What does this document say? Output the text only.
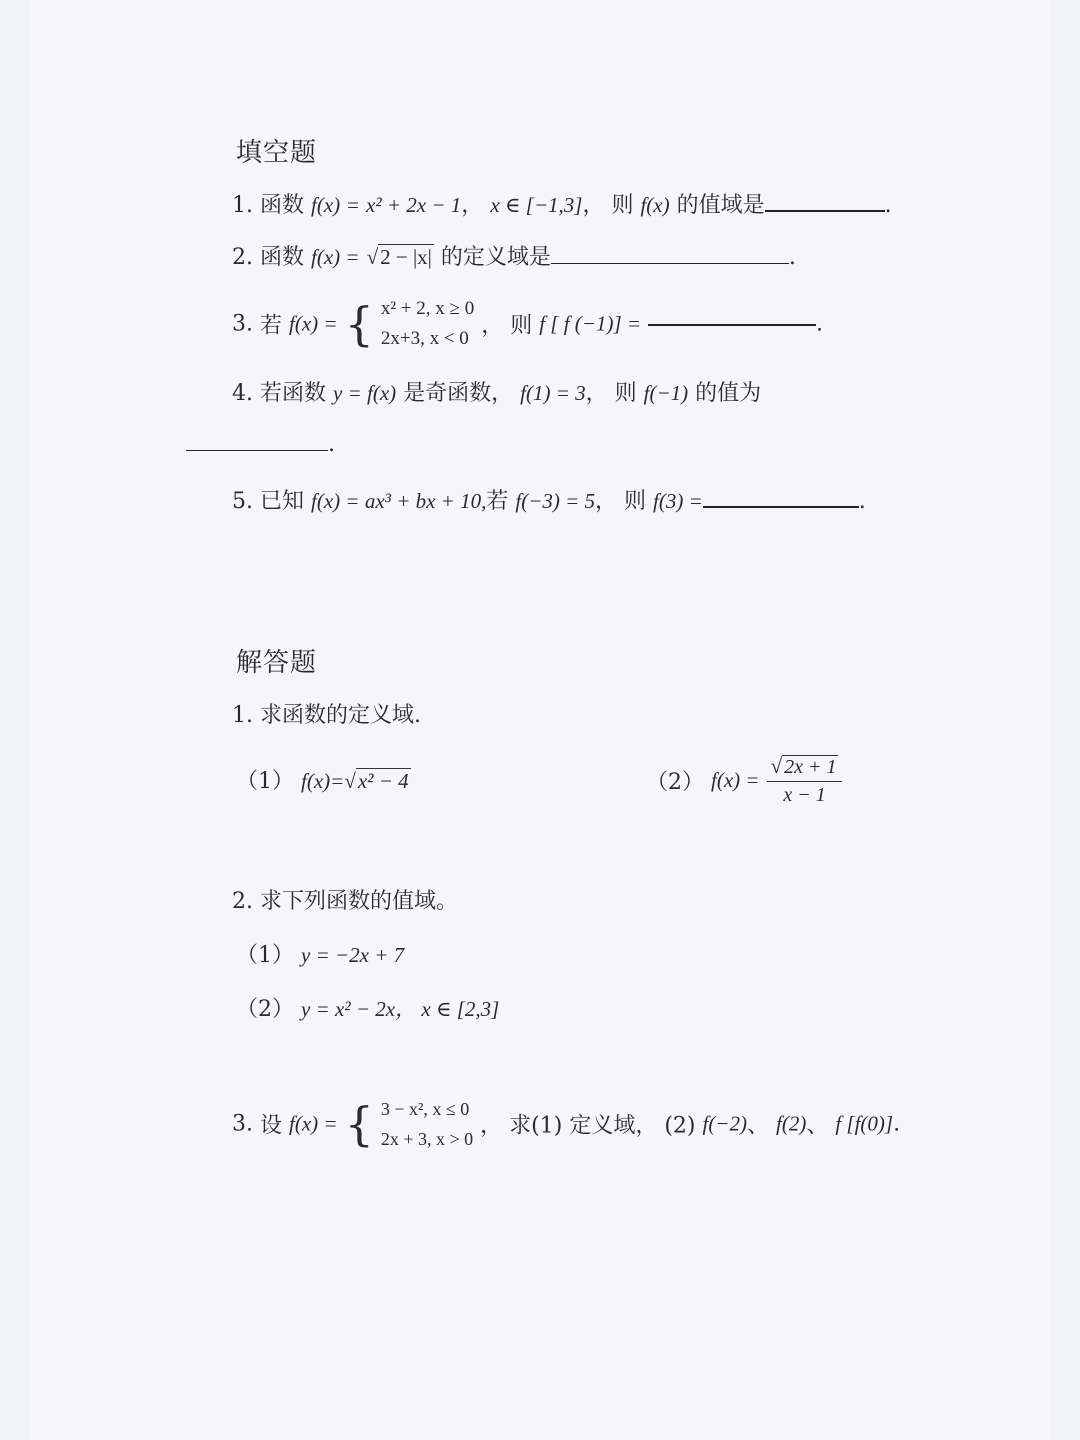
填空题
1. 函数 f(x) = x² + 2x − 1， x ∈ [−1,3]， 则 f(x) 的值域是	.
2. 函数 f(x) = √2 − |x| 的定义域是	.
3. 若 f(x) = { x² + 2, x ≥ 0
2x+3, x < 0 ， 则 f [ f (−1)] =	.
4. 若函数 y = f(x) 是奇函数， f(1) = 3， 则 f(−1) 的值为
.
5. 已知 f(x) = ax³ + bx + 10,若 f(−3) = 5， 则 f(3) =	.
解答题
1. 求函数的定义域.
（1） f(x)=√x² − 4	（2） $f(x) = \frac{√ 2x + 1}{x - 1}$
2. 求下列函数的值域。
（1） y = −2x + 7
（2） y = x² − 2x， x ∈ [2,3]
3. 设 f(x) = { 3 − x², x ≤ 0
2x + 3, x > 0
， 求(1) 定义域， (2) f(−2)、 f(2)、 f [f(0)].
